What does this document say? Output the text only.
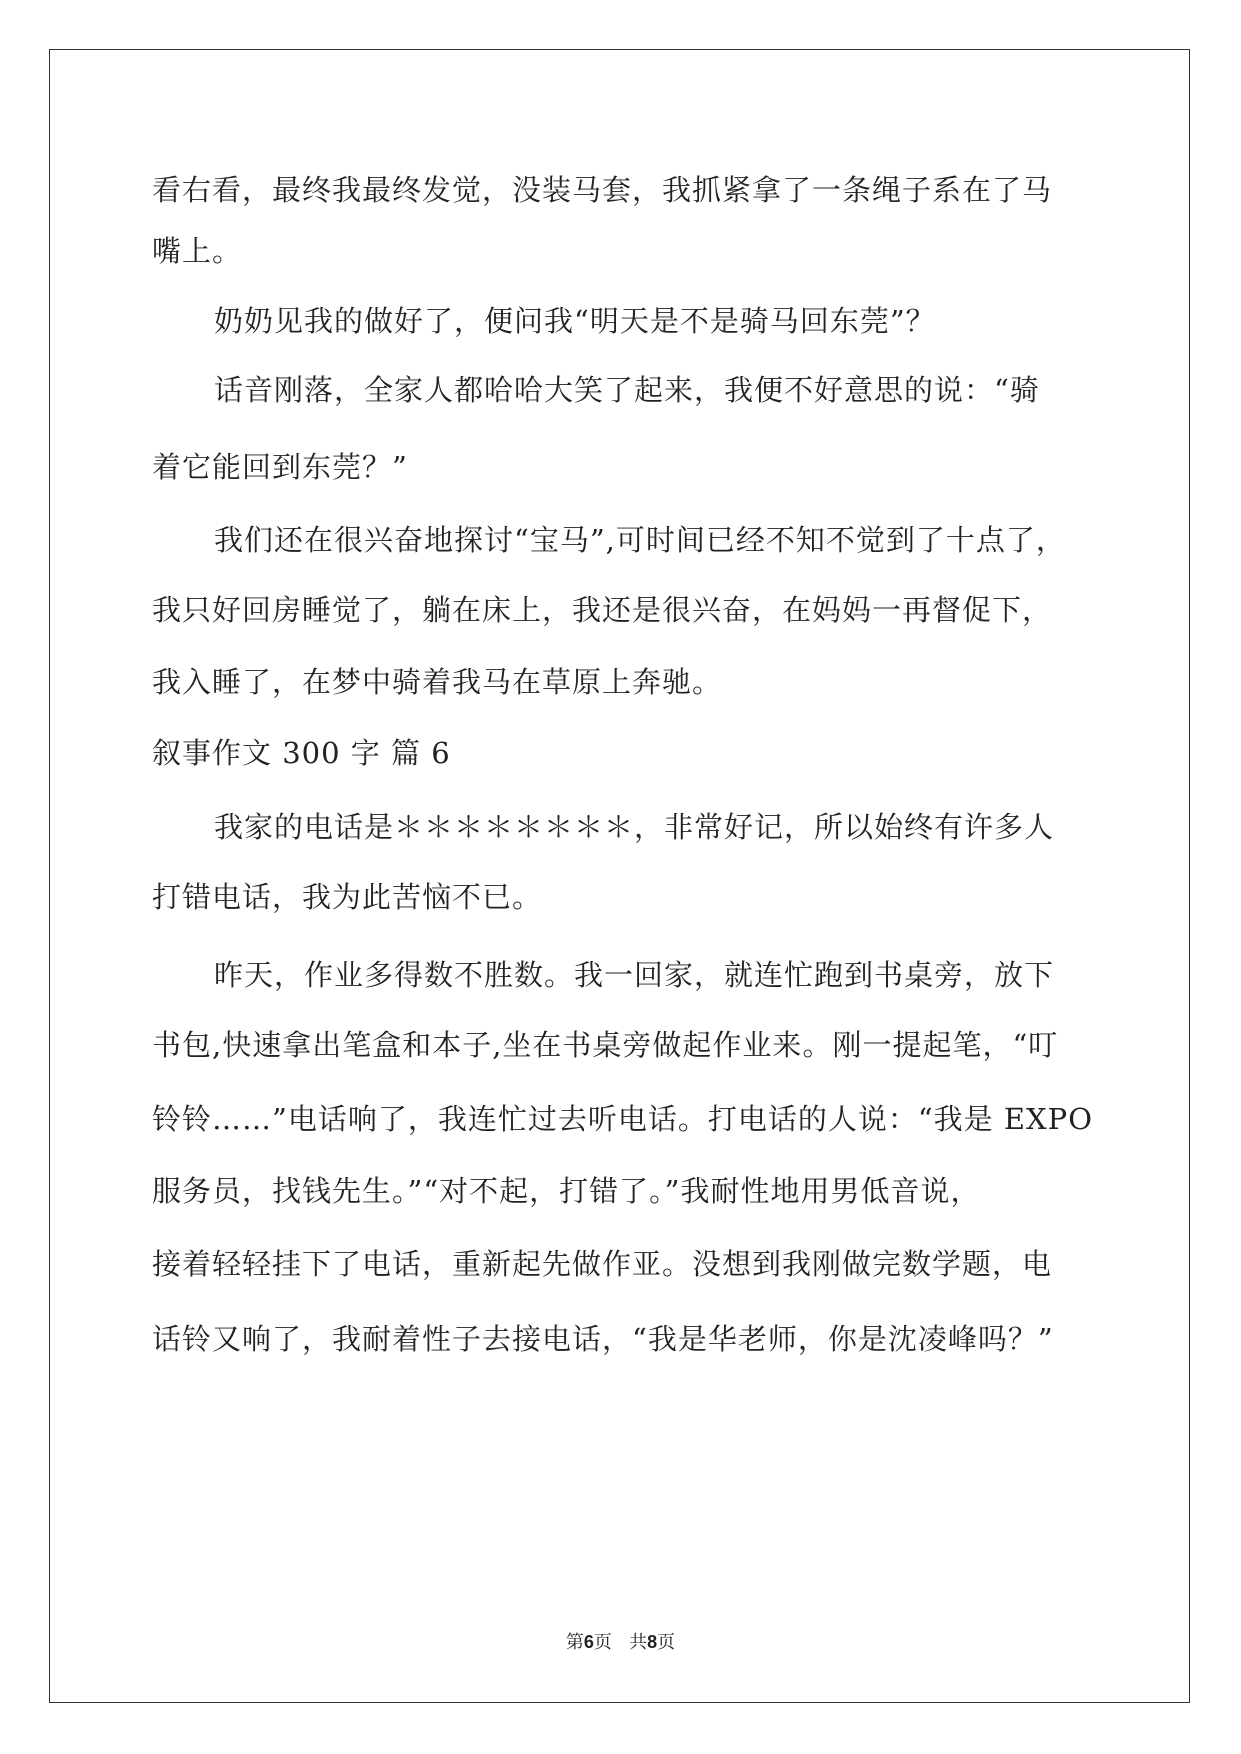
看右看，最终我最终发觉，没装马套，我抓紧拿了一条绳子系在了马
嘴上。
奶奶见我的做好了，便问我“明天是不是骑马回东莞”？
话音刚落，全家人都哈哈大笑了起来，我便不好意思的说：“骑
着它能回到东莞？”
我们还在很兴奋地探讨“宝马”,可时间已经不知不觉到了十点了，
我只好回房睡觉了，躺在床上，我还是很兴奋，在妈妈一再督促下，
我入睡了，在梦中骑着我马在草原上奔驰。
叙事作文 300 字 篇 6
我家的电话是＊＊＊＊＊＊＊＊，非常好记，所以始终有许多人
打错电话，我为此苦恼不已。
昨天，作业多得数不胜数。我一回家，就连忙跑到书桌旁，放下
书包,快速拿出笔盒和本子,坐在书桌旁做起作业来。刚一提起笔，“叮
铃铃……”电话响了，我连忙过去听电话。打电话的人说：“我是 EXPO
服务员，找钱先生。”“对不起，打错了。”我耐性地用男低音说，
接着轻轻挂下了电话，重新起先做作亚。没想到我刚做完数学题，电
话铃又响了，我耐着性子去接电话，“我是华老师，你是沈凌峰吗？”
第6页 共8页
